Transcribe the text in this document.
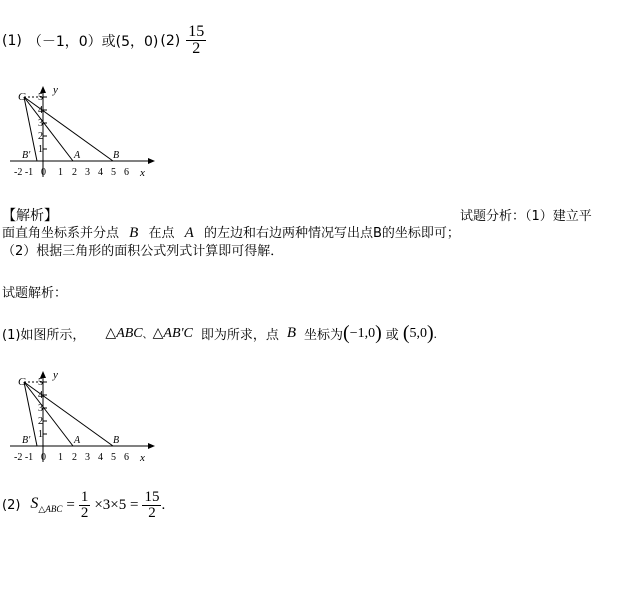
(1) （－1，0）或(5，0) $(2) \frac{15}{2}$
y
x
C 5
4
3
2
1
B'	A	B
-2 -1 0 1 2 3 4 5 6
【解析】	试题分析：（1）建立平
面直角坐标系并分点 B 在点 A 的左边和右边两种情况写出点B的坐标即可；
（2）根据三角形的面积公式列式计算即可得解．
试题解析：
(1)如图所示， △ABC 、 △AB'C 即为所求，点 B 坐标为 ( −1,0 ) 或 ( 5,0 ) .
y
x
C 5
4
3
2
1
B'	A	B
-2 -1 0 1 2 3 4 5 6
(2) $S_{\triangle ABC} = \frac{1}{2} \times 3\times 5 = \frac{15}{2}$ .
